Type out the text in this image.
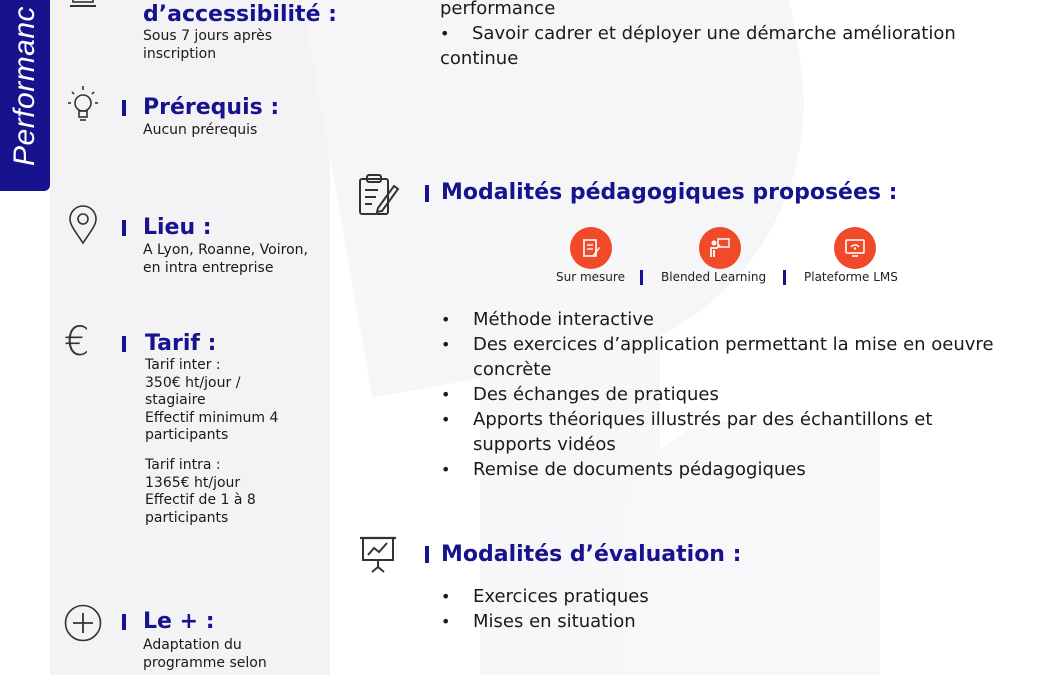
Performanc	d’accessibilité :
Sous 7 jours après
inscription
Prérequis :
Aucun prérequis
Lieu :
A Lyon, Roanne, Voiron,
en intra entreprise
€	Tarif :
Tarif inter :
350€ ht/jour /
stagiaire
Effectif minimum 4
participants
Tarif intra :
1365€ ht/jour
Effectif de 1 à 8
participants
Le + :
Adaptation du
programme selon
performance
• Savoir cadrer et déployer une démarche amélioration
continue
Modalités pédagogiques proposées :
Sur mesure	Blended Learning	Plateforme LMS
• Méthode interactive
• Des exercices d’application permettant la mise en oeuvre
concrète
• Des échanges de pratiques
• Apports théoriques illustrés par des échantillons et
supports vidéos
• Remise de documents pédagogiques
Modalités d’évaluation :
• Exercices pratiques
• Mises en situation
